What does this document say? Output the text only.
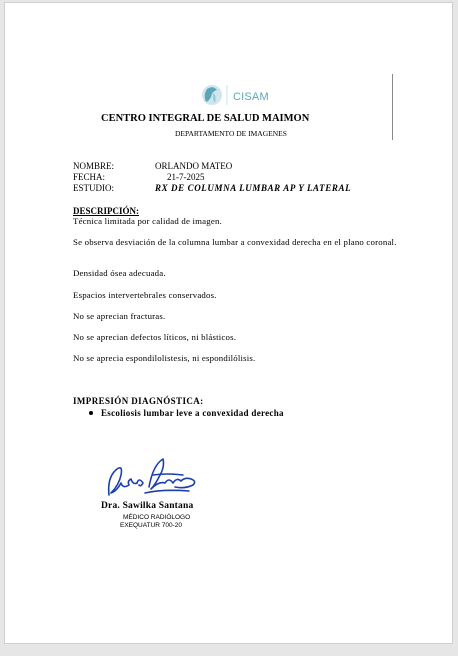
CISAM
CENTRO INTEGRAL DE SALUD MAIMON
DEPARTAMENTO DE IMAGENES
NOMBRE:	ORLANDO MATEO
FECHA:	21-7-2025
ESTUDIO:	RX DE COLUMNA LUMBAR AP Y LATERAL
DESCRIPCIÓN:
Técnica limitada por calidad de imagen.
Se observa desviación de la columna lumbar a convexidad derecha en el plano coronal.
Densidad ósea adecuada.
Espacios intervertebrales conservados.
No se aprecian fracturas.
No se aprecian defectos líticos, ni blásticos.
No se aprecia espondilolistesis, ni espondilólisis.
IMPRESIÓN DIAGNÓSTICA:
Escoliosis lumbar leve a convexidad derecha
Dra. Sawilka Santana
MÉDICO RADIÓLOGO
EXEQUATUR 700-20
